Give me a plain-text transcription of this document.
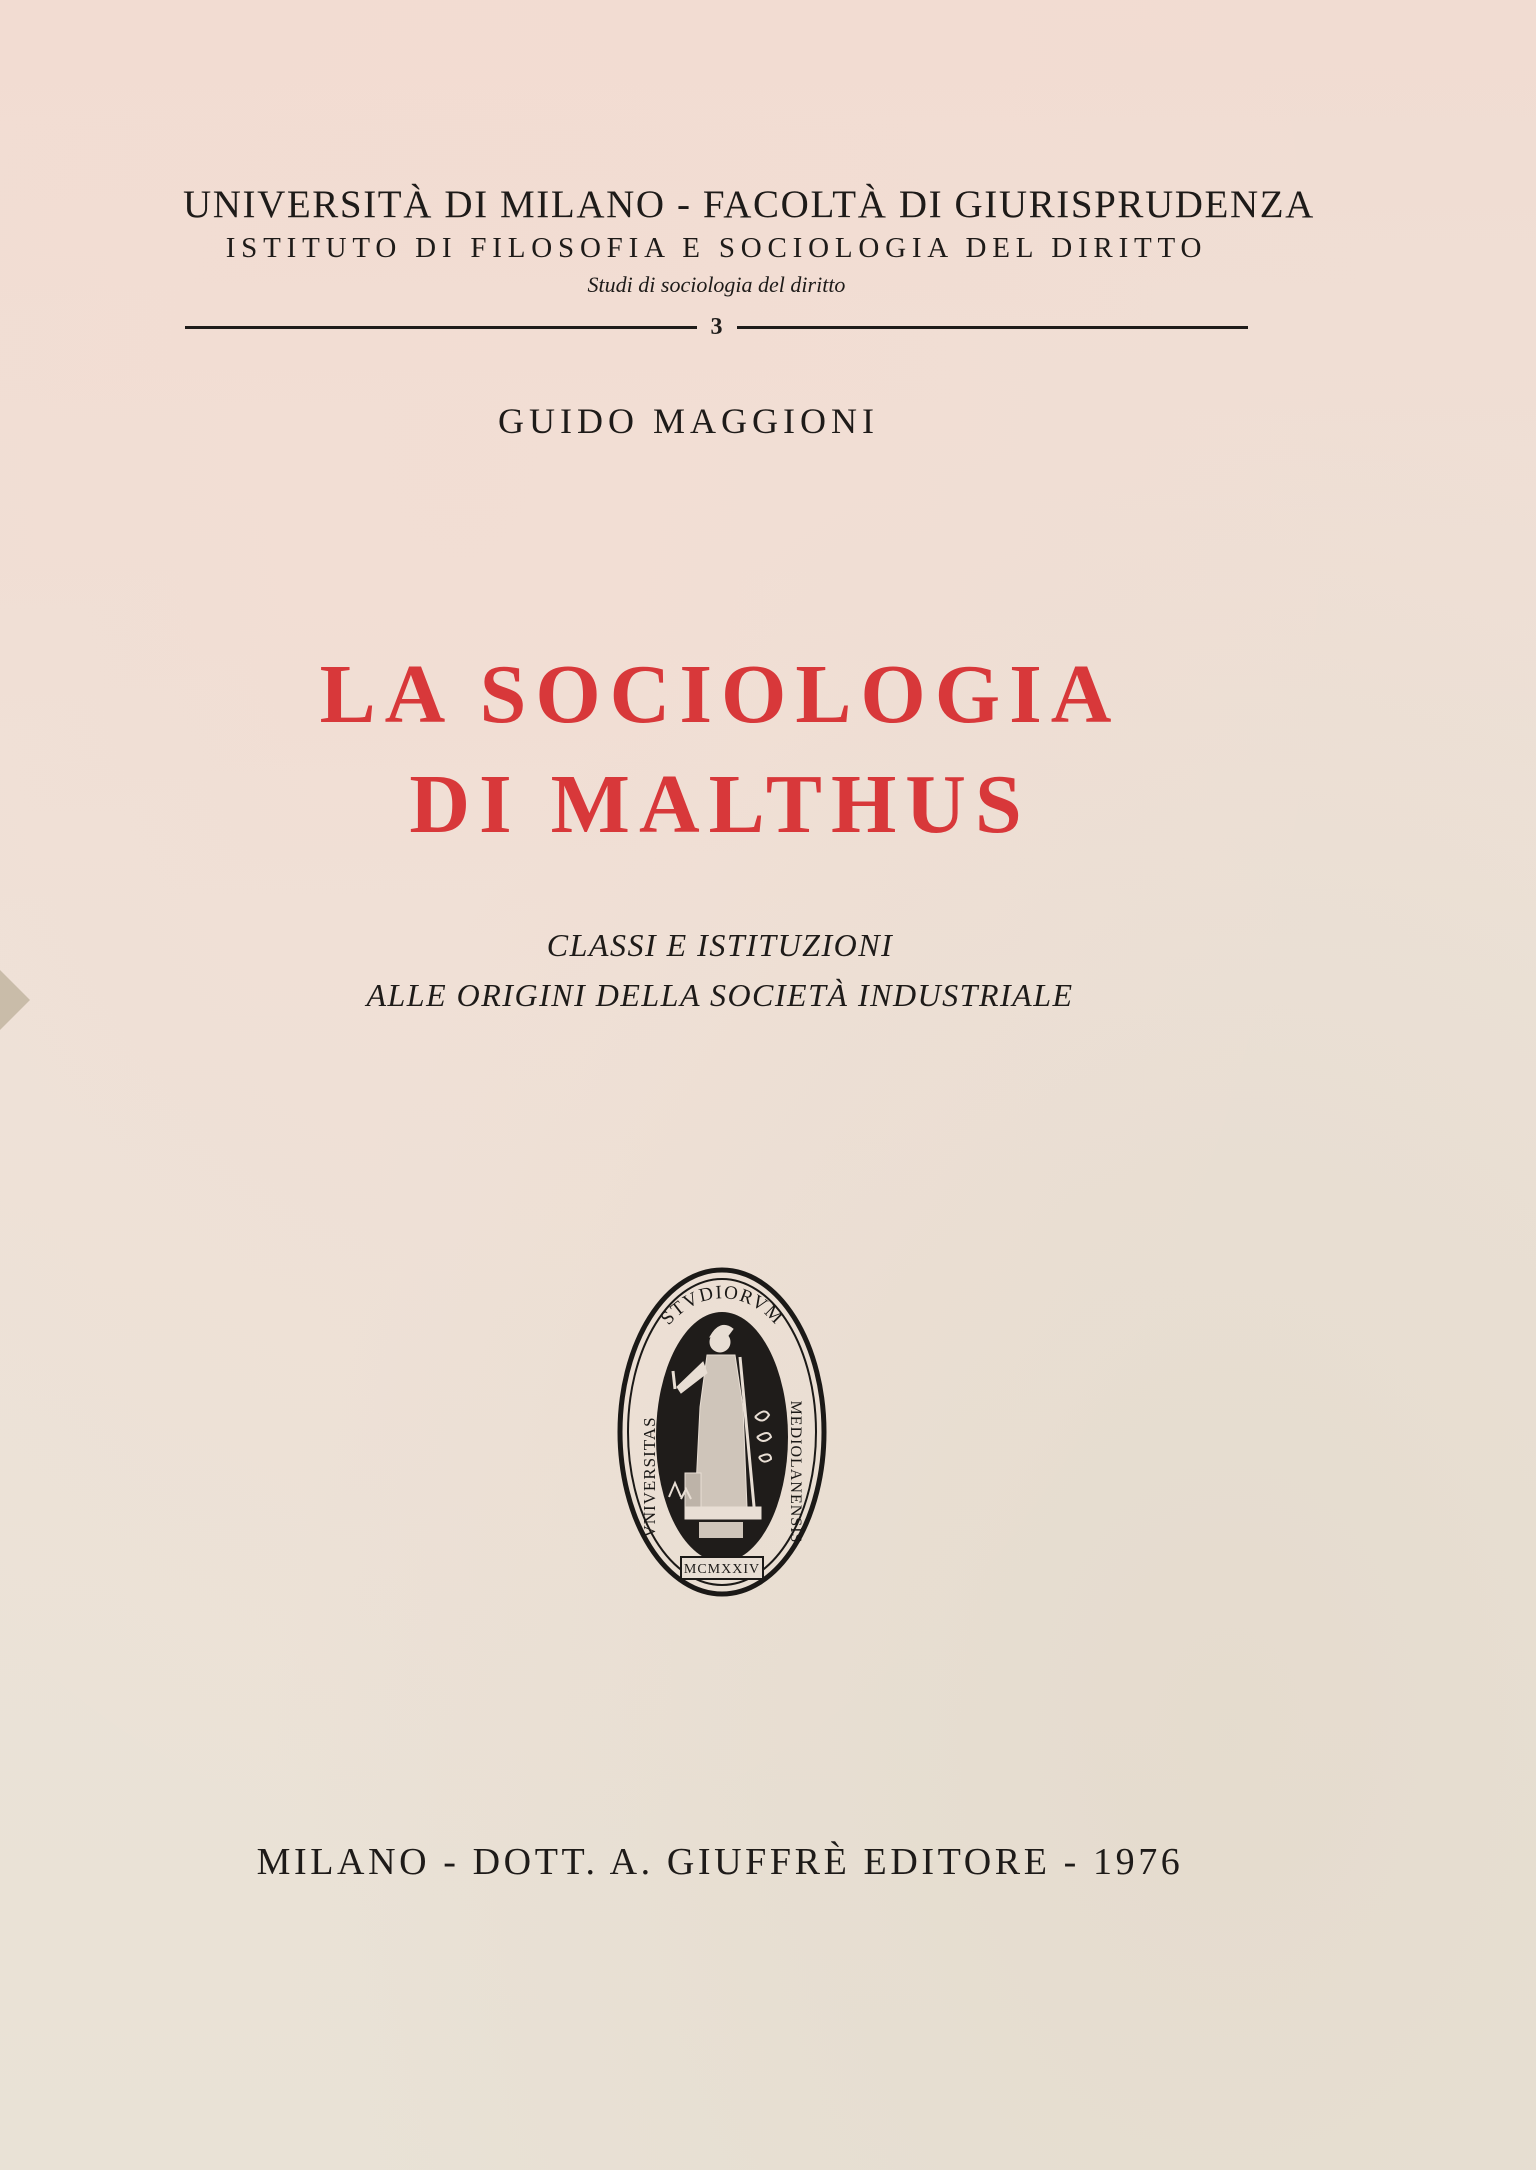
UNIVERSITÀ DI MILANO - FACOLTÀ DI GIURISPRUDENZA
ISTITUTO DI FILOSOFIA E SOCIOLOGIA DEL DIRITTO
Studi di sociologia del diritto
3
GUIDO MAGGIONI
LA SOCIOLOGIA
DI MALTHUS
CLASSI E ISTITUZIONI
ALLE ORIGINI DELLA SOCIETÀ INDUSTRIALE
STVDIORVM
VNIVERSITAS
MEDIOLANENSIS
MCMXXIV
MILANO - DOTT. A. GIUFFRÈ EDITORE - 1976
